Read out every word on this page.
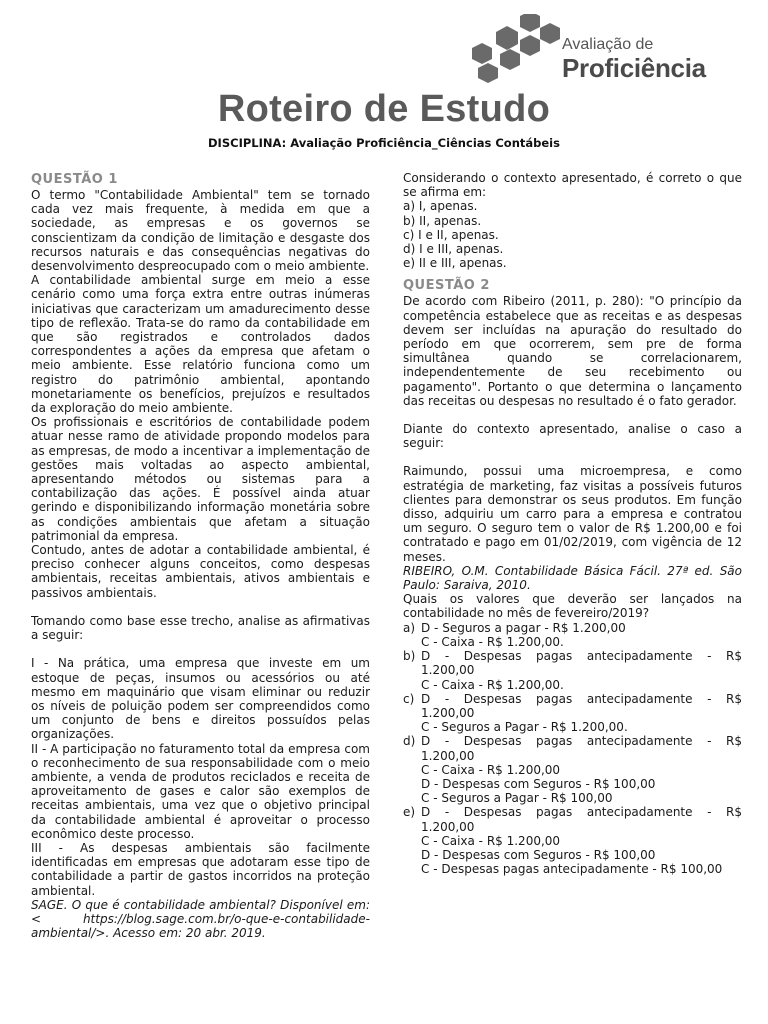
Avaliação de
Proficiência
Roteiro de Estudo
DISCIPLINA: Avaliação Proficiência_Ciências Contábeis
QUESTÃO 1

O termo "Contabilidade Ambiental" tem se tornado cada vez mais frequente, à medida em que a sociedade, as empresas e os governos se conscientizam da condição de limitação e desgaste dos recursos naturais e das consequências negativas do desenvolvimento despreocupado com o meio ambiente.

A contabilidade ambiental surge em meio a esse cenário como uma força extra entre outras inúmeras iniciativas que caracterizam um amadurecimento desse tipo de reflexão. Trata-se do ramo da contabilidade em que são registrados e controlados dados correspondentes a ações da empresa que afetam o meio ambiente. Esse relatório funciona como um registro do patrimônio ambiental, apontando monetariamente os benefícios, prejuízos e resultados da exploração do meio ambiente.

Os profissionais e escritórios de contabilidade podem atuar nesse ramo de atividade propondo modelos para as empresas, de modo a incentivar a implementação de gestões mais voltadas ao aspecto ambiental, apresentando métodos ou sistemas para a contabilização das ações. É possível ainda atuar gerindo e disponibilizando informação monetária sobre as condições ambientais que afetam a situação patrimonial da empresa.

Contudo, antes de adotar a contabilidade ambiental, é preciso conhecer alguns conceitos, como despesas ambientais, receitas ambientais, ativos ambientais e passivos ambientais.

Tomando como base esse trecho, analise as afirmativas a seguir:

I - Na prática, uma empresa que investe em um estoque de peças, insumos ou acessórios ou até mesmo em maquinário que visam eliminar ou reduzir os níveis de poluição podem ser compreendidos como um conjunto de bens e direitos possuídos pelas organizações.

II - A participação no faturamento total da empresa com o reconhecimento de sua responsabilidade com o meio ambiente, a venda de produtos reciclados e receita de aproveitamento de gases e calor são exemplos de receitas ambientais, uma vez que o objetivo principal da contabilidade ambiental é aproveitar o processo econômico deste processo.

III - As despesas ambientais são facilmente identificadas em empresas que adotaram esse tipo de contabilidade a partir de gastos incorridos na proteção ambiental.

SAGE. O que é contabilidade ambiental? Disponível em:< https://blog.sage.com.br/o-que-e-contabilidade-ambiental/>. Acesso em: 20 abr. 2019.

Considerando o contexto apresentado, é correto o que se afirma em:

a) I, apenas.

b) II, apenas.

c) I e II, apenas.

d) I e III, apenas.

e) II e III, apenas.

QUESTÃO 2

De acordo com Ribeiro (2011, p. 280): "O princípio da competência estabelece que as receitas e as despesas devem ser incluídas na apuração do resultado do período em que ocorrerem, sem pre de forma simultânea quando se correlacionarem, independentemente de seu recebimento ou pagamento". Portanto o que determina o lançamento das receitas ou despesas no resultado é o fato gerador.

Diante do contexto apresentado, analise o caso a seguir:

Raimundo, possui uma microempresa, e como estratégia de marketing, faz visitas a possíveis futuros clientes para demonstrar os seus produtos. Em função disso, adquiriu um carro para a empresa e contratou um seguro. O seguro tem o valor de R$ 1.200,00 e foi contratado e pago em 01/02/2019, com vigência de 12 meses.

RIBEIRO, O.M. Contabilidade Básica Fácil. 27ª ed. São Paulo: Saraiva, 2010.

Quais os valores que deverão ser lançados na contabilidade no mês de fevereiro/2019?

a) D - Seguros a pagar - R$ 1.200,00

C - Caixa - R$ 1.200,00.

b) D - Despesas pagas antecipadamente - R$

1.200,00

C - Caixa - R$ 1.200,00.

c) D - Despesas pagas antecipadamente - R$

1.200,00

C - Seguros a Pagar - R$ 1.200,00.

d) D - Despesas pagas antecipadamente - R$

1.200,00

C - Caixa - R$ 1.200,00

D - Despesas com Seguros - R$ 100,00

C - Seguros a Pagar - R$ 100,00

e) D - Despesas pagas antecipadamente - R$

1.200,00

C - Caixa - R$ 1.200,00

D - Despesas com Seguros - R$ 100,00

C - Despesas pagas antecipadamente - R$ 100,00
